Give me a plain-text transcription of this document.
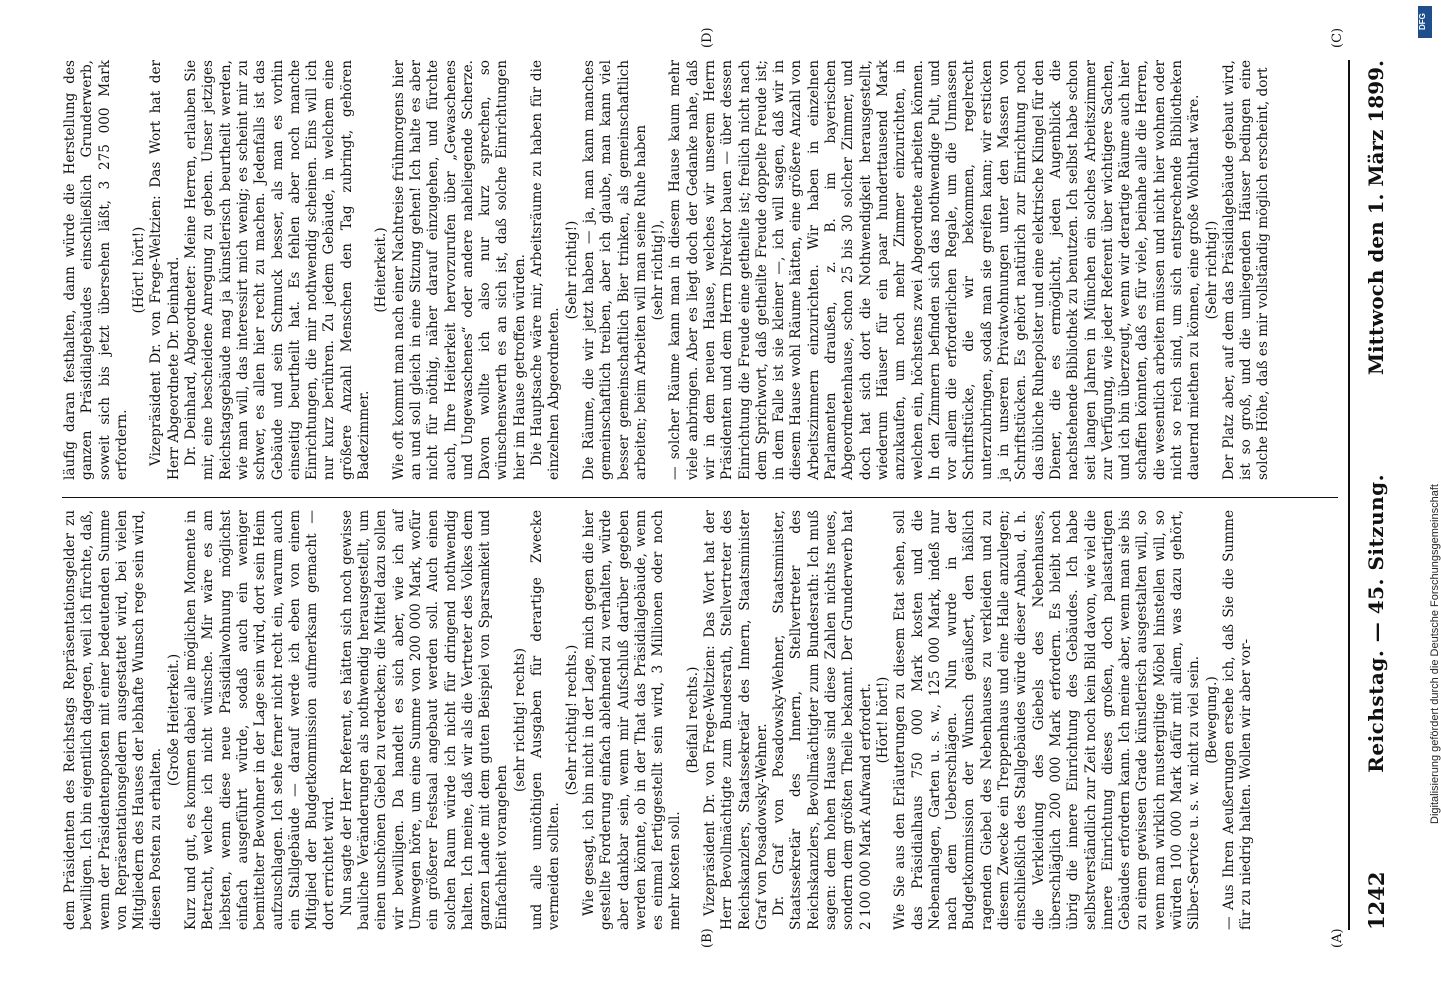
1242
Reichstag. — 45. Sitzung.
Mittwoch den 1. März 1899.

dem Präsidenten des Reichstags Repräsentationsgelder zu bewilligen. Ich bin eigentlich dagegen, weil ich fürchte, daß, wenn der Präsidentenposten mit einer bedeutenden Summe von Repräsentationsgeldern ausgestattet wird, bei vielen Mitgliedern des Hauses der lebhafte Wunsch rege sein wird, diesen Posten zu erhalten.

(Große Heiterkeit.) Kurz und gut, es kommen dabei alle möglichen Momente in Betracht, welche ich nicht wünsche. Mir wäre es am liebsten, wenn diese neue Präsidialwohnung möglichst einfach ausgeführt würde, sodaß auch ein weniger bemittelter Bewohner in der Lage sein wird, dort sein Heim aufzuschlagen. Ich sehe ferner nicht recht ein, warum auch ein Stallgebäude — darauf werde ich eben von einem Mitglied der Budgetkommission aufmerksam gemacht — dort errichtet wird. Nun sagte der Herr Referent, es hätten sich noch gewisse bauliche Veränderungen als nothwendig herausgestellt, um einen unschönen Giebel zu verdecken; die Mittel dazu sollen wir bewilligen. Da handelt es sich aber, wie ich auf Umwegen höre, um eine Summe von 200 000 Mark, wofür ein größerer Festsaal angebaut werden soll. Auch einen solchen Raum würde ich nicht für dringend nothwendig halten. Ich meine, daß wir als die Vertreter des Volkes dem ganzen Lande mit dem guten Beispiel von Sparsamkeit und Einfachheit vorangehen

(sehr richtig! rechts) und alle unnöthigen Ausgaben für derartige Zwecke vermeiden sollten.

(Sehr richtig! rechts.) Wie gesagt, ich bin nicht in der Lage, mich gegen die hier gestellte Forderung einfach ablehnend zu verhalten, würde aber dankbar sein, wenn mir Aufschluß darüber gegeben werden könnte, ob in der That das Präsidialgebäude, wenn es einmal fertiggestellt sein wird, 3 Millionen oder noch mehr kosten soll.

(Beifall rechts.) Vizepräsident Dr. von Frege-Weltzien: Das Wort hat der Herr Bevollmächtigte zum Bundesrath, Stellvertreter des Reichskanzlers, Staatssekretär des Innern, Staatsminister Graf von Posadowsky-Wehner. Dr. Graf von Posadowsky-Wehner, Staatsminister, Staatssekretär des Innern, Stellvertreter des Reichskanzlers, Bevollmächtigter zum Bundesrath: Ich muß sagen: dem hohen Hause sind diese Zahlen nichts neues, sondern dem größten Theile bekannt. Der Grunderwerb hat 2 100 000 Mark Aufwand erfordert. (Hört! hört!) Wie Sie aus den Erläuterungen zu diesem Etat sehen, soll das Präsidialhaus 750 000 Mark kosten und die Nebenanlagen, Garten u. s. w., 125 000 Mark, indeß nur nach dem Ueberschlägen. Nun wurde in der Budgetkommission der Wunsch geäußert, den häßlich ragenden Giebel des Nebenhauses zu verkleiden und zu diesem Zwecke ein Treppenhaus und eine Halle anzulegen; einschließlich des Stallgebäudes würde dieser Anbau, d. h. die Verkleidung des Giebels des Nebenhauses, überschläglich 200 000 Mark erfordern. Es bleibt noch übrig die innere Einrichtung des Gebäudes. Ich habe selbstverständlich zur Zeit noch kein Bild davon, wie viel die innere Einrichtung dieses großen, doch palastartigen Gebäudes erfordern kann. Ich meine aber, wenn man sie bis zu einem gewissen Grade künstlerisch ausgestalten will, so wenn man wirklich mustergiltige Möbel hinstellen will, so würden 100 000 Mark dafür mit allem, was dazu gehört, Silber-Service u. s. w. nicht zu viel sein. (Bewegung.) — Aus Ihren Aeußerungen ersehe ich, daß Sie die Summe für zu niedrig halten. Wollen wir aber vor-

läufig daran festhalten, dann würde die Herstellung des ganzen Präsidialgebäudes einschließlich Grunderwerb, soweit sich bis jetzt übersehen läßt, 3 275 000 Mark erfordern.

(Hört! hört!) Vizepräsident Dr. von Frege-Weltzien: Das Wort hat der Herr Abgeordnete Dr. Deinhard. Dr. Deinhard, Abgeordneter: Meine Herren, erlauben Sie mir, eine bescheidene Anregung zu geben. Unser jetziges Reichstagsgebäude mag ja künstlerisch beurtheilt werden, wie man will, das interessirt mich wenig; es scheint mir zu schwer, es allen hier recht zu machen. Jedenfalls ist das Gebäude und sein Schmuck besser, als man es vorhin einseitig beurtheilt hat. Es fehlen aber noch manche Einrichtungen, die mir nothwendig scheinen. Eins will ich nur kurz berühren. Zu jedem Gebäude, in welchem eine größere Anzahl Menschen den Tag zubringt, gehören Badezimmer.

(Heiterkeit.) Wie oft kommt man nach einer Nachtreise frühmorgens hier an und soll gleich in eine Sitzung gehen! Ich halte es aber nicht für nöthig, näher darauf einzugehen, und fürchte auch, Ihre Heiterkeit hervorzurufen über „Gewaschenes und Ungewaschenes“ oder andere naheliegende Scherze. Davon wollte ich also nur kurz sprechen, so wünschenswerth es an sich ist, daß solche Einrichtungen hier im Hause getroffen würden. Die Hauptsache wäre mir, Arbeitsräume zu haben für die einzelnen Abgeordneten.

(Sehr richtig!) Die Räume, die wir jetzt haben — ja, man kann manches gemeinschaftlich treiben, aber ich glaube, man kann viel besser gemeinschaftlich Bier trinken, als gemeinschaftlich arbeiten; beim Arbeiten will man seine Ruhe haben (sehr richtig!), — solcher Räume kann man in diesem Hause kaum mehr viele anbringen. Aber es liegt doch der Gedanke nahe, daß wir in dem neuen Hause, welches wir unserem Herrn Präsidenten und dem Herrn Direktor bauen — über dessen Einrichtung die Freude eine getheilte ist; freilich nicht nach dem Sprichwort, daß getheilte Freude doppelte Freude ist; in dem Falle ist sie kleiner —, ich will sagen, daß wir in diesem Hause wohl Räume hätten, eine größere Anzahl von Arbeitszimmern einzurichten. Wir haben in einzelnen Parlamenten draußen, z. B. im bayerischen Abgeordnetenhause, schon 25 bis 30 solcher Zimmer, und doch hat sich dort die Nothwendigkeit herausgestellt, wiederum Häuser für ein paar hunderttausend Mark anzukaufen, um noch mehr Zimmer einzurichten, in welchen ein, höchstens zwei Abgeordnete arbeiten können. In den Zimmern befinden sich das nothwendige Pult, und vor allem die erforderlichen Regale, um die Unmassen Schriftstücke, die wir bekommen, regelrecht unterzubringen, sodaß man sie greifen kann; wir ersticken ja in unseren Privatwohnungen unter den Massen von Schriftstücken. Es gehört natürlich zur Einrichtung noch das übliche Ruhepolster und eine elektrische Klingel für den Diener, die es ermöglicht, jeden Augenblick die nachstehende Bibliothek zu benutzen. Ich selbst habe schon seit langen Jahren in München ein solches Arbeitszimmer zur Verfügung, wie jeder Referent über wichtigere Sachen, und ich bin überzeugt, wenn wir derartige Räume auch hier schaffen könnten, daß es für viele, beinahe alle die Herren, die wesentlich arbeiten müssen und nicht hier wohnen oder nicht so reich sind, um sich entsprechende Bibliotheken dauernd miethen zu können, eine große Wohlthat wäre. (Sehr richtig!) Der Platz aber, auf dem das Präsidialgebäude gebaut wird, ist so groß, und die umliegenden Häuser bedingen eine solche Höhe, daß es mir vollständig möglich erscheint, dort

(A)
(B)
(C)
(D)
Digitalisierung gefördert durch die Deutsche Forschungsgemeinschaft
DFG
